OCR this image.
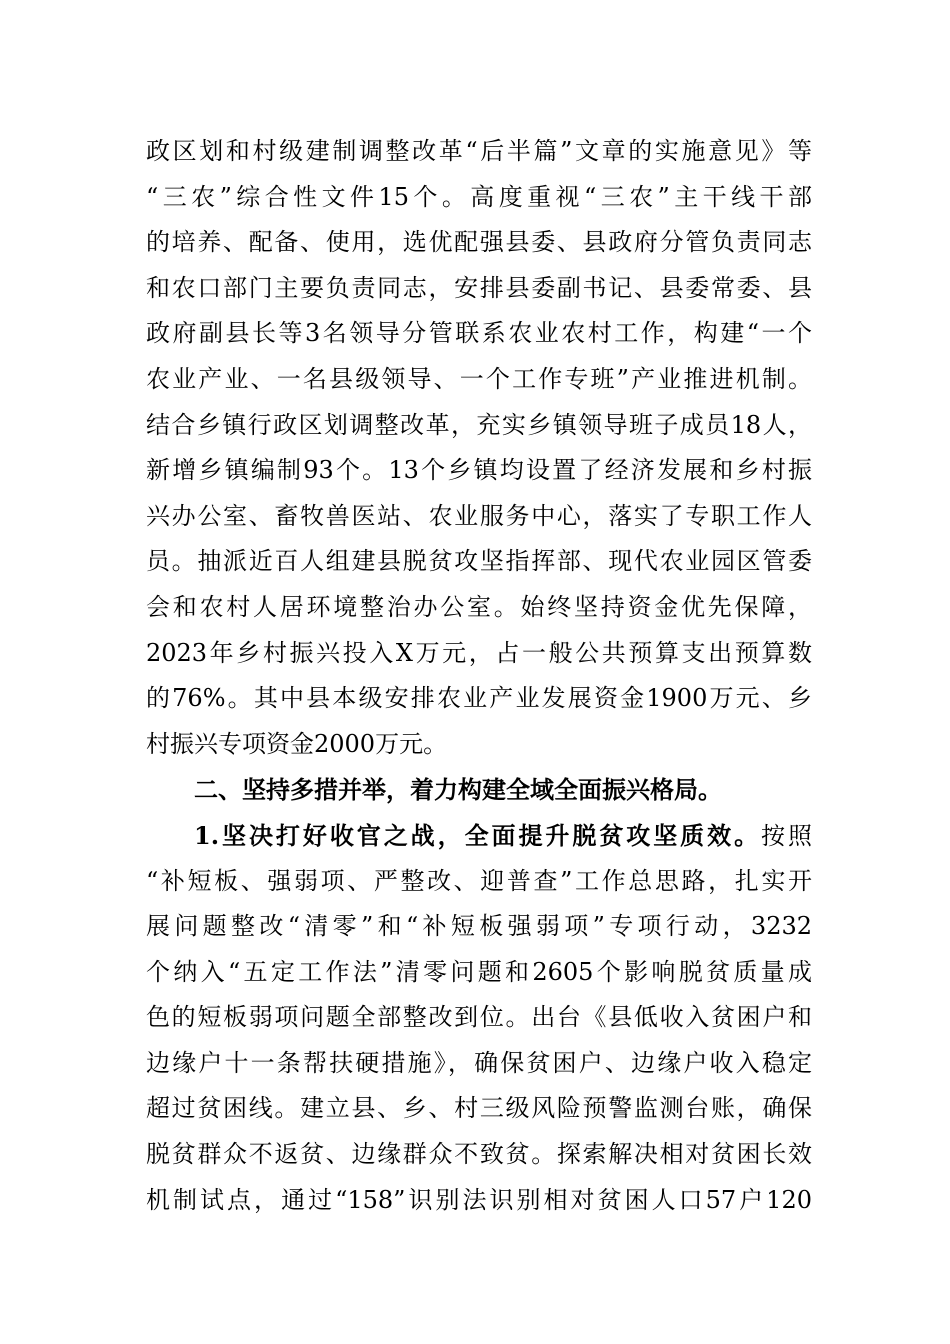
政区划和村级建制调整改革“后半篇”文章的实施意见》等
“三农”综合性文件15个。高度重视“三农”主干线干部
的培养、配备、使用，选优配强县委、县政府分管负责同志
和农口部门主要负责同志，安排县委副书记、县委常委、县
政府副县长等3名领导分管联系农业农村工作，构建“一个
农业产业、一名县级领导、一个工作专班”产业推进机制。
结合乡镇行政区划调整改革，充实乡镇领导班子成员18人，
新增乡镇编制93个。13个乡镇均设置了经济发展和乡村振
兴办公室、畜牧兽医站、农业服务中心，落实了专职工作人
员。抽派近百人组建县脱贫攻坚指挥部、现代农业园区管委
会和农村人居环境整治办公室。始终坚持资金优先保障，
2023年乡村振兴投入X万元，占一般公共预算支出预算数
的76%。其中县本级安排农业产业发展资金1900万元、乡
村振兴专项资金2000万元。
二、坚持多措并举，着力构建全域全面振兴格局。
1.坚决打好收官之战，全面提升脱贫攻坚质效。按照
“补短板、强弱项、严整改、迎普查”工作总思路，扎实开
展问题整改“清零”和“补短板强弱项”专项行动，3232
个纳入“五定工作法”清零问题和2605个影响脱贫质量成
色的短板弱项问题全部整改到位。出台《县低收入贫困户和
边缘户十一条帮扶硬措施》，确保贫困户、边缘户收入稳定
超过贫困线。建立县、乡、村三级风险预警监测台账，确保
脱贫群众不返贫、边缘群众不致贫。探索解决相对贫困长效
机制试点，通过“158”识别法识别相对贫困人口57户120
